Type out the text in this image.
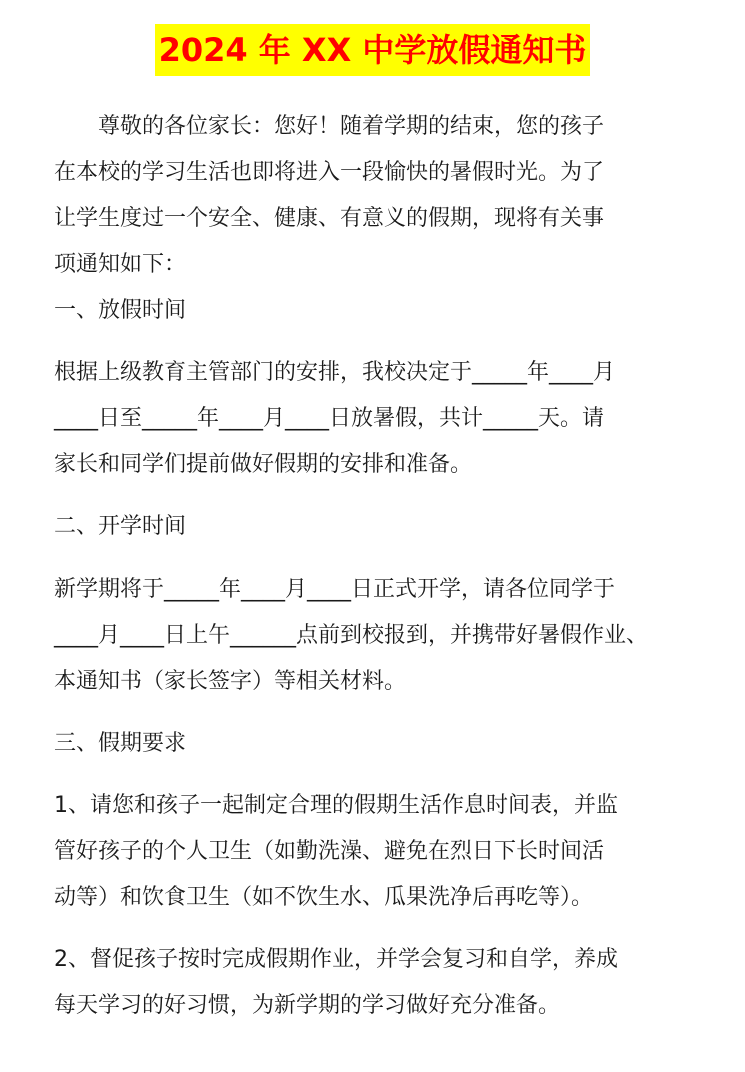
2024 年 XX 中学放假通知书
尊敬的各位家长：您好！随着学期的结束，您的孩子
在本校的学习生活也即将进入一段愉快的暑假时光。为了
让学生度过一个安全、健康、有意义的假期，现将有关事
项通知如下：
一、放假时间
根据上级教育主管部门的安排，我校决定于_____年____月
____日至_____年____月____日放暑假，共计_____天。请
家长和同学们提前做好假期的安排和准备。
二、开学时间
新学期将于_____年____月____日正式开学，请各位同学于
____月____日上午______点前到校报到，并携带好暑假作业、
本通知书（家长签字）等相关材料。
三、假期要求
1、请您和孩子一起制定合理的假期生活作息时间表，并监
管好孩子的个人卫生（如勤洗澡、避免在烈日下长时间活
动等）和饮食卫生（如不饮生水、瓜果洗净后再吃等）。
2、督促孩子按时完成假期作业，并学会复习和自学，养成
每天学习的好习惯，为新学期的学习做好充分准备。
